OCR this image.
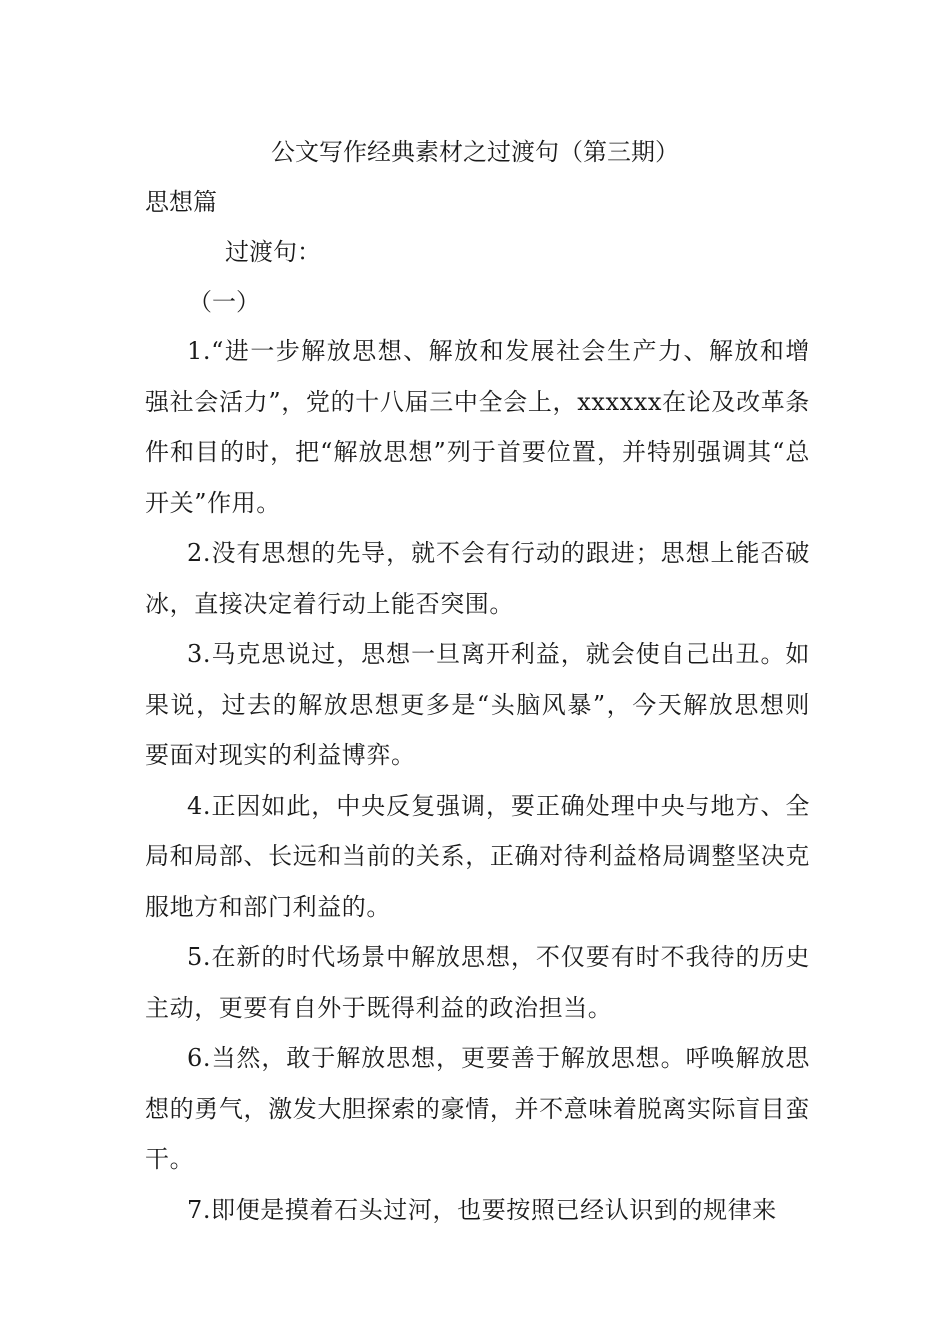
公文写作经典素材之过渡句（第三期）
思想篇
过渡句：
（一）

1.“进一步解放思想、解放和发展社会生产力、解放和增强社会活力”，党的十八届三中全会上，xxxxxx在论及改革条件和目的时，把“解放思想”列于首要位置，并特别强调其“总开关”作用。

2.没有思想的先导，就不会有行动的跟进；思想上能否破冰，直接决定着行动上能否突围。

3.马克思说过，思想一旦离开利益，就会使自己出丑。如果说，过去的解放思想更多是“头脑风暴”，今天解放思想则要面对现实的利益博弈。

4.正因如此，中央反复强调，要正确处理中央与地方、全局和局部、长远和当前的关系，正确对待利益格局调整坚决克服地方和部门利益的。

5.在新的时代场景中解放思想，不仅要有时不我待的历史主动，更要有自外于既得利益的政治担当。

6.当然，敢于解放思想，更要善于解放思想。呼唤解放思想的勇气，激发大胆探索的豪情，并不意味着脱离实际盲目蛮干。

7.即便是摸着石头过河，也要按照已经认识到的规律来
